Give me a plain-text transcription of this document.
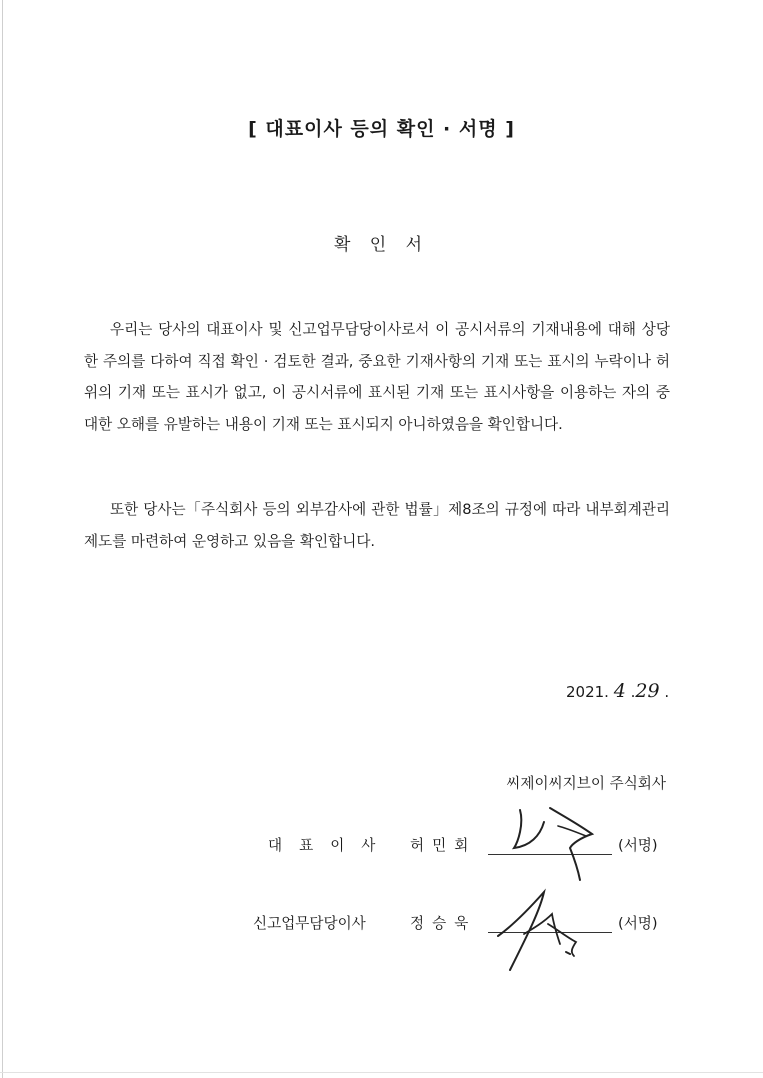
[ 대표이사 등의 확인 · 서명 ]
확 인 서

우리는 당사의 대표이사 및 신고업무담당이사로서 이 공시서류의 기재내용에 대해 상당한 주의를 다하여 직접 확인 · 검토한 결과, 중요한 기재사항의 기재 또는 표시의 누락이나 허위의 기재 또는 표시가 없고, 이 공시서류에 표시된 기재 또는 표시사항을 이용하는 자의 중대한 오해를 유발하는 내용이 기재 또는 표시되지 아니하였음을 확인합니다.

또한 당사는「주식회사 등의 외부감사에 관한 법률」제8조의 규정에 따라 내부회계관리제도를 마련하여 운영하고 있음을 확인합니다.

2021. 4 .29 .
씨제이씨지브이 주식회사
대표이사 허민회	(서명)
신고업무담당이사	정승욱	(서명)
